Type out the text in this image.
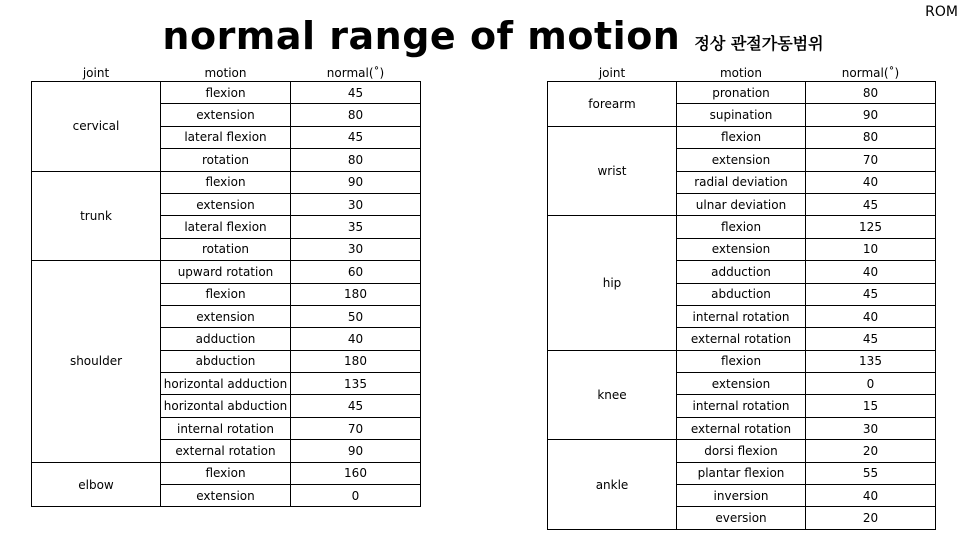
ROM
normal range of motion 정상 관절가동범위
joint	motion	normal(˚)
cervical	flexion	45
	extension	80
	lateral flexion	45
	rotation	80
trunk	flexion	90
	extension	30
	lateral flexion	35
	rotation	30
shoulder	upward rotation	60
	flexion	180
	extension	50
	adduction	40
	abduction	180
	horizontal adduction	135
	horizontal abduction	45
	internal rotation	70
	external rotation	90
elbow	flexion	160
	extension	0
joint	motion	normal(˚)
forearm	pronation	80
	supination	90
wrist	flexion	80
	extension	70
	radial deviation	40
	ulnar deviation	45
hip	flexion	125
	extension	10
	adduction	40
	abduction	45
	internal rotation	40
	external rotation	45
knee	flexion	135
	extension	0
	internal rotation	15
	external rotation	30
ankle	dorsi flexion	20
	plantar flexion	55
	inversion	40
	eversion	20
